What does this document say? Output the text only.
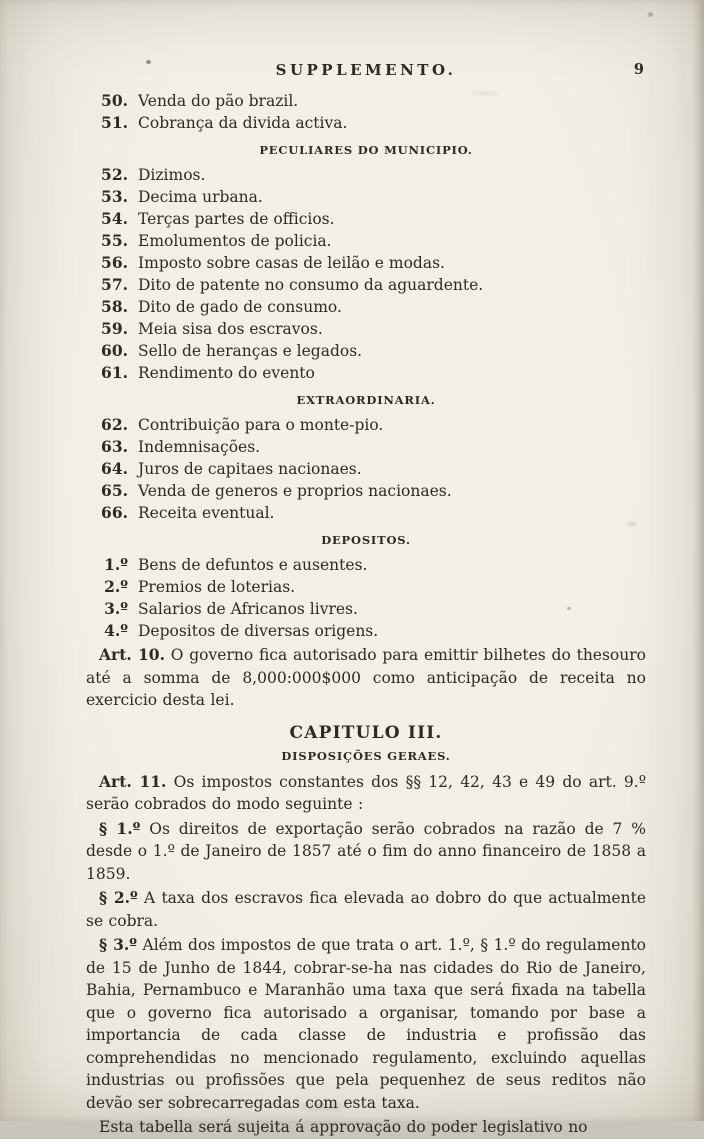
SUPPLEMENTO.	9
50. Venda do pão brazil.
51. Cobrança da divida activa.
PECULIARES DO MUNICIPIO.
52. Dizimos.
53. Decima urbana.
54. Terças partes de officios.
55. Emolumentos de policia.
56. Imposto sobre casas de leilão e modas.
57. Dito de patente no consumo da aguardente.
58. Dito de gado de consumo.
59. Meia sisa dos escravos.
60. Sello de heranças e legados.
61. Rendimento do evento
EXTRAORDINARIA.
62. Contribuição para o monte-pio.
63. Indemnisações.
64. Juros de capitaes nacionaes.
65. Venda de generos e proprios nacionaes.
66. Receita eventual.
DEPOSITOS.
1.º Bens de defuntos e ausentes.
2.º Premios de loterias.
3.º Salarios de Africanos livres.
4.º Depositos de diversas origens.

Art. 10. O governo fica autorisado para emittir bilhetes do thesouro até a somma de 8,000:000$000 como anticipação de receita no exercicio desta lei.

CAPITULO III.
DISPOSIÇÕES GERAES.

Art. 11. Os impostos constantes dos §§ 12, 42, 43 e 49 do art. 9.º serão cobrados do modo seguinte :

§ 1.º Os direitos de exportação serão cobrados na razão de 7 % desde o 1.º de Janeiro de 1857 até o fim do anno financeiro de 1858 a 1859.

§ 2.º A taxa dos escravos fica elevada ao dobro do que actualmente se cobra.

§ 3.º Além dos impostos de que trata o art. 1.º, § 1.º do regulamento de 15 de Junho de 1844, cobrar-se-ha nas cidades do Rio de Janeiro, Bahia, Pernambuco e Maranhão uma taxa que será fixada na tabella que o governo fica autorisado a organisar, tomando por base a importancia de cada classe de industria e profissão das comprehendidas no mencionado regulamento, excluindo aquellas industrias ou profissões que pela pequenhez de seus reditos não devão ser sobrecarregadas com esta taxa.

Esta tabella será sujeita á approvação do poder legislativo no
